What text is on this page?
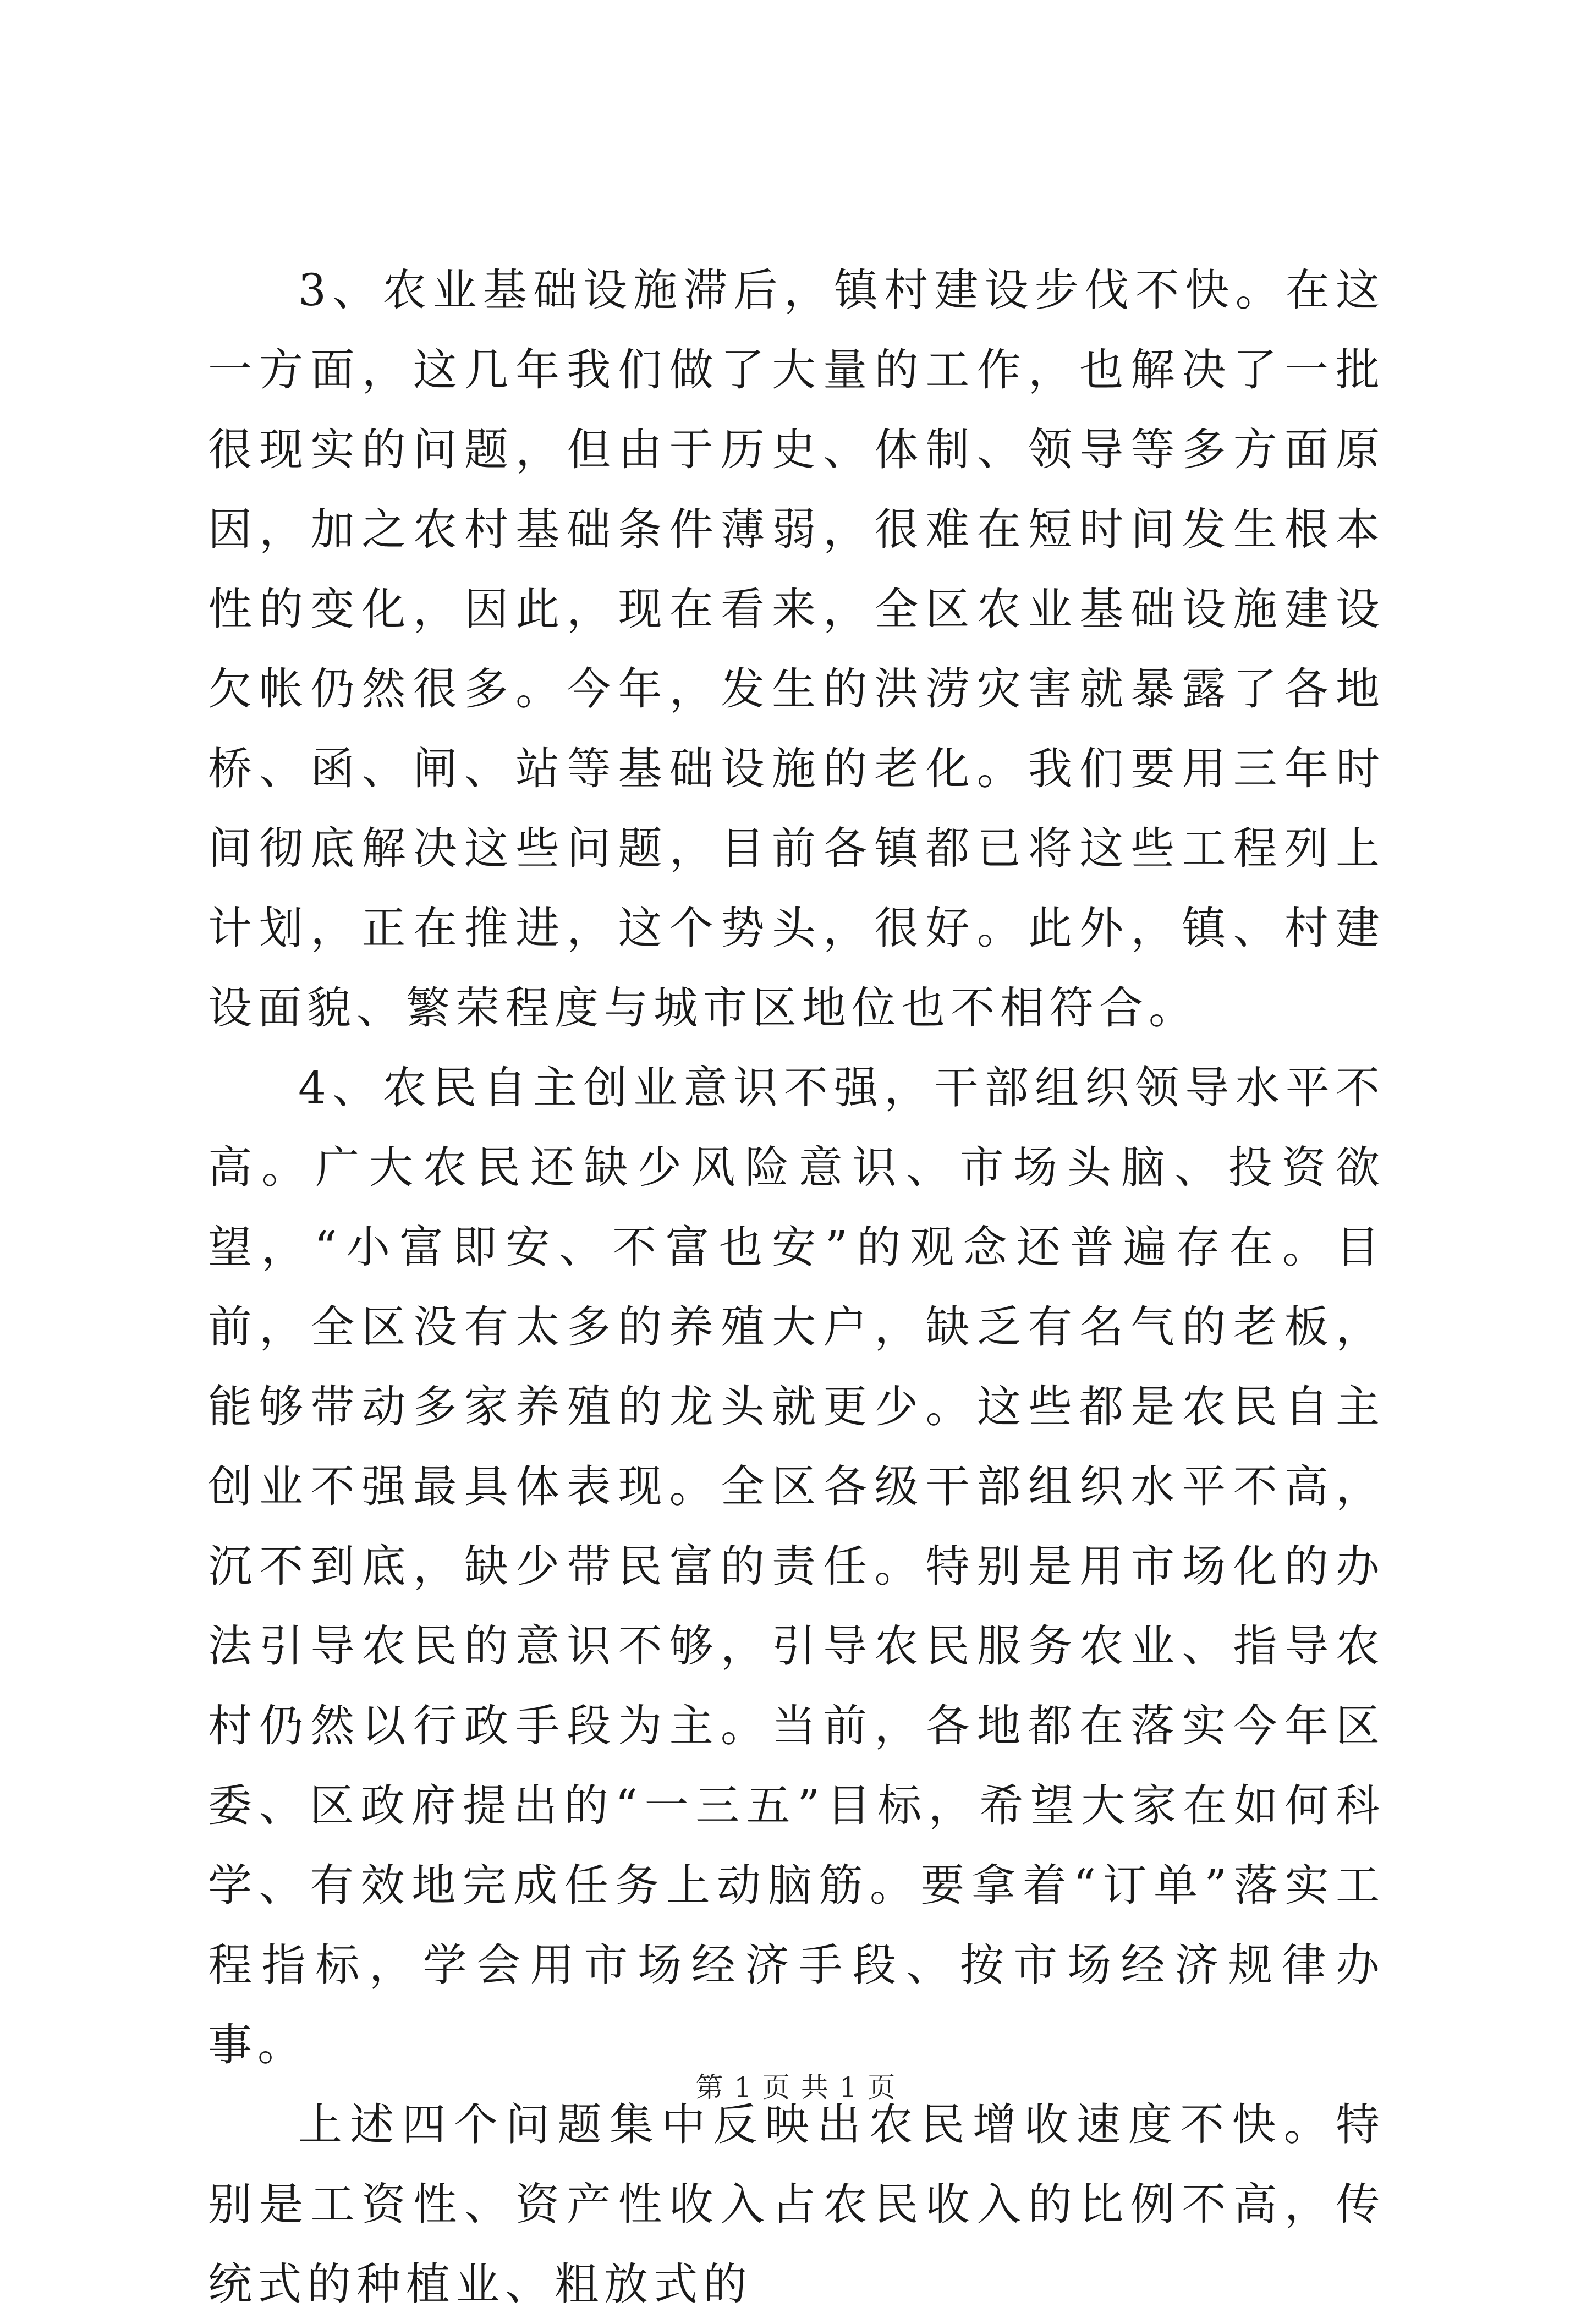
3、农业基础设施滞后，镇村建设步伐不快。在这一方面，这几年我们做了大量的工作，也解决了一批很现实的问题，但由于历史、体制、领导等多方面原因，加之农村基础条件薄弱，很难在短时间发生根本性的变化，因此，现在看来，全区农业基础设施建设欠帐仍然很多。今年，发生的洪涝灾害就暴露了各地桥、函、闸、站等基础设施的老化。我们要用三年时间彻底解决这些问题，目前各镇都已将这些工程列上计划，正在推进，这个势头，很好。此外，镇、村建设面貌、繁荣程度与城市区地位也不相符合。

4、农民自主创业意识不强，干部组织领导水平不高。广大农民还缺少风险意识、市场头脑、投资欲望，“小富即安、不富也安”的观念还普遍存在。目前，全区没有太多的养殖大户，缺乏有名气的老板，能够带动多家养殖的龙头就更少。这些都是农民自主创业不强最具体表现。全区各级干部组织水平不高，沉不到底，缺少带民富的责任。特别是用市场化的办法引导农民的意识不够，引导农民服务农业、指导农村仍然以行政手段为主。当前，各地都在落实今年区委、区政府提出的“一三五”目标，希望大家在如何科学、有效地完成任务上动脑筋。要拿着“订单”落实工程指标，学会用市场经济手段、按市场经济规律办事。

上述四个问题集中反映出农民增收速度不快。特别是工资性、资产性收入占农民收入的比例不高，传统式的种植业、粗放式的

第 1 页 共 1 页
